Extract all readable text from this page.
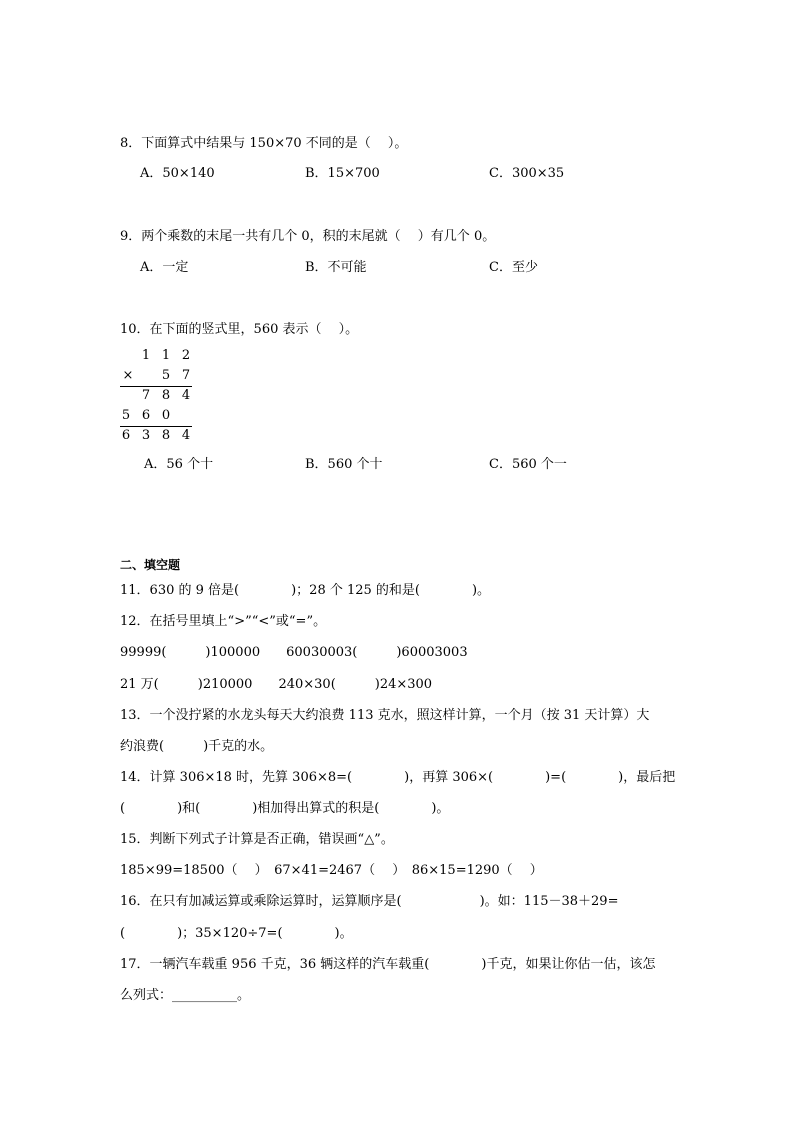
8．下面算式中结果与 150×70 不同的是（　 ）。
A．50×140	B．15×700	C．300×35
9．两个乘数的末尾一共有几个 0，积的末尾就（　 ）有几个 0。
A．一定	B．不可能	C．至少
10．在下面的竖式里，560 表示（　 ）。
1 1 2
× 5 7
7 8 4
5 6 0
6 3 8 4
A．56 个十	B．560 个十	C．560 个一
二、填空题
11．630 的 9 倍是(　　　　)；28 个 125 的和是(　　　　)。
12．在括号里填上“>”“<”或“=”。
99999(　　　)100000　　60030003(　　　)60003003
21 万(　　　)210000　　240×30(　　　)24×300
13．一个没拧紧的水龙头每天大约浪费 113 克水，照这样计算，一个月（按 31 天计算）大
约浪费(　　　)千克的水。
14．计算 306×18 时，先算 306×8=(　　　　)，再算 306×(　　　　)=(　　　　)，最后把
(　　　　)和(　　　　)相加得出算式的积是(　　　　)。
15．判断下列式子计算是否正确，错误画“△”。
185×99=18500（　 ）　67×41=2467（　 ）　86×15=1290（　 ）
16．在只有加减运算或乘除运算时，运算顺序是(　　　　　　)。如：115－38＋29=
(　　　　)；35×120÷7=(　　　　)。
17．一辆汽车载重 956 千克，36 辆这样的汽车载重(　　　　)千克，如果让你估一估，该怎
么列式：__________。
